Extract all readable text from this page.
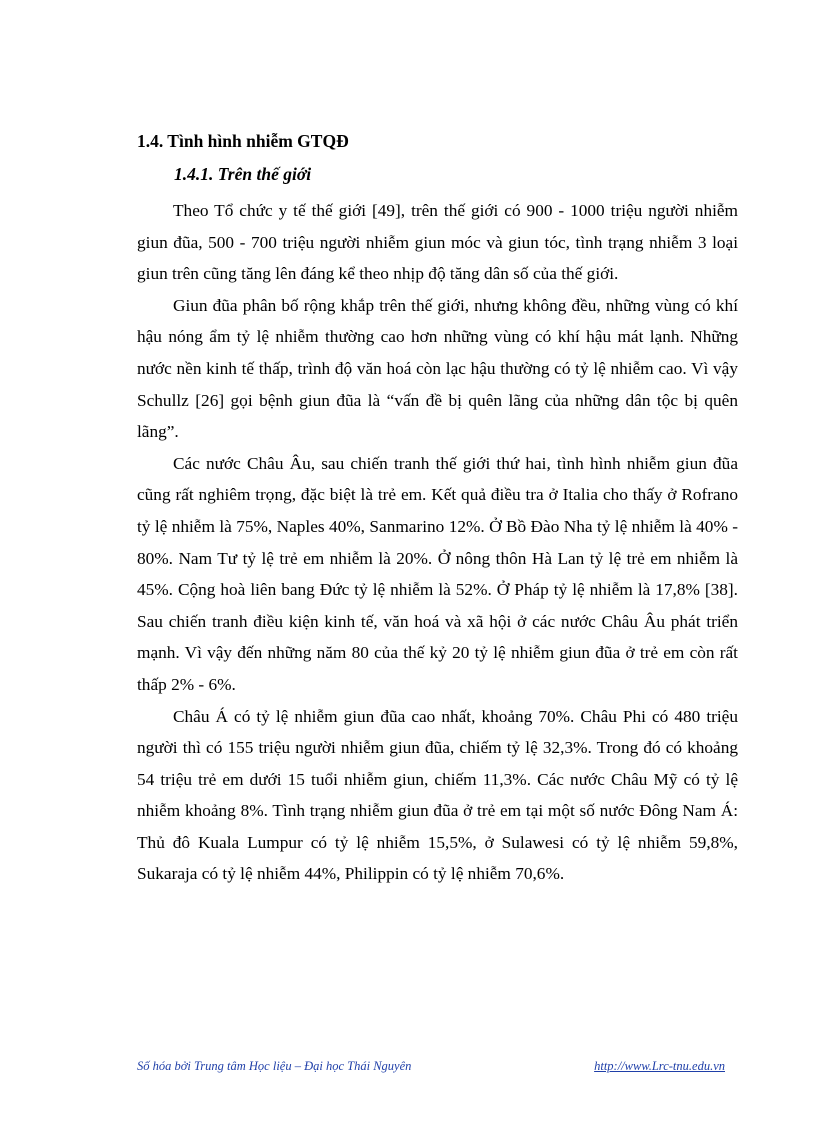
1.4. Tình hình nhiễm GTQĐ
1.4.1. Trên thế giới

Theo Tổ chức y tế thế giới [49], trên thế giới có 900 - 1000 triệu người nhiễm giun đũa, 500 - 700 triệu người nhiễm giun móc và giun tóc, tình trạng nhiễm 3 loại giun trên cũng tăng lên đáng kể theo nhịp độ tăng dân số của thế giới.

Giun đũa phân bố rộng khắp trên thế giới, nhưng không đều, những vùng có khí hậu nóng ẩm tỷ lệ nhiễm thường cao hơn những vùng có khí hậu mát lạnh. Những nước nền kinh tế thấp, trình độ văn hoá còn lạc hậu thường có tỷ lệ nhiễm cao. Vì vậy Schullz [26] gọi bệnh giun đũa là “vấn đề bị quên lãng của những dân tộc bị quên lãng”.

Các nước Châu Âu, sau chiến tranh thế giới thứ hai, tình hình nhiễm giun đũa cũng rất nghiêm trọng, đặc biệt là trẻ em. Kết quả điều tra ở Italia cho thấy ở Rofrano tỷ lệ nhiễm là 75%, Naples 40%, Sanmarino 12%. Ở Bồ Đào Nha tỷ lệ nhiễm là 40% - 80%. Nam Tư tỷ lệ trẻ em nhiễm là 20%. Ở nông thôn Hà Lan tỷ lệ trẻ em nhiễm là 45%. Cộng hoà liên bang Đức tỷ lệ nhiễm là 52%. Ở Pháp tỷ lệ nhiễm là 17,8% [38]. Sau chiến tranh điều kiện kinh tế, văn hoá và xã hội ở các nước Châu Âu phát triển mạnh. Vì vậy đến những năm 80 của thế kỷ 20 tỷ lệ nhiễm giun đũa ở trẻ em còn rất thấp 2% - 6%.

Châu Á có tỷ lệ nhiễm giun đũa cao nhất, khoảng 70%. Châu Phi có 480 triệu người thì có 155 triệu người nhiễm giun đũa, chiếm tỷ lệ 32,3%. Trong đó có khoảng 54 triệu trẻ em dưới 15 tuổi nhiễm giun, chiếm 11,3%. Các nước Châu Mỹ có tỷ lệ nhiễm khoảng 8%. Tình trạng nhiễm giun đũa ở trẻ em tại một số nước Đông Nam Á: Thủ đô Kuala Lumpur có tỷ lệ nhiễm 15,5%, ở Sulawesi có tỷ lệ nhiễm 59,8%, Sukaraja có tỷ lệ nhiễm 44%, Philippin có tỷ lệ nhiễm 70,6%.

Số hóa bởi Trung tâm Học liệu – Đại học Thái Nguyên	http://www.Lrc-tnu.edu.vn
